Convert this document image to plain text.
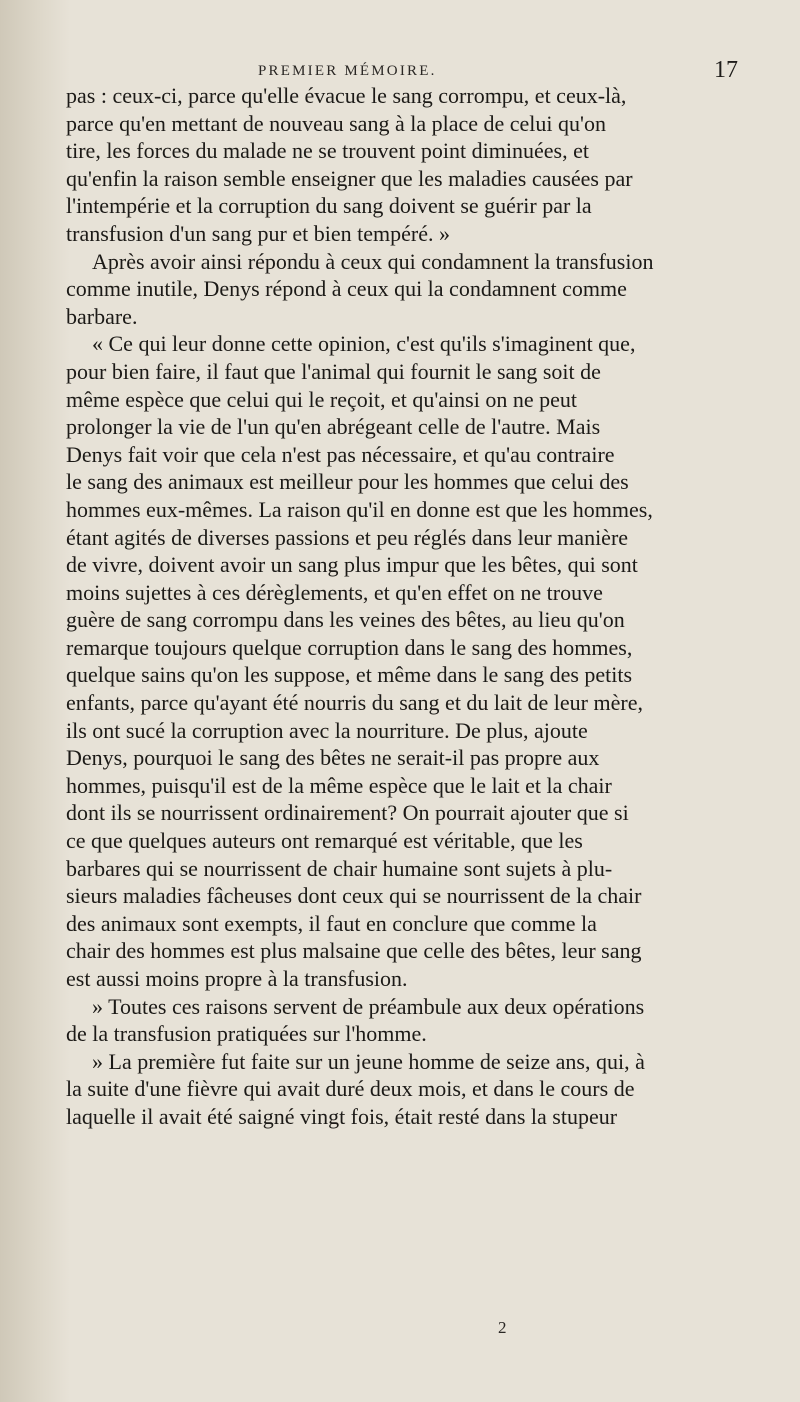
PREMIER MÉMOIRE.	17
pas : ceux-ci, parce qu'elle évacue le sang corrompu, et ceux-là,
parce qu'en mettant de nouveau sang à la place de celui qu'on
tire, les forces du malade ne se trouvent point diminuées, et
qu'enfin la raison semble enseigner que les maladies causées par
l'intempérie et la corruption du sang doivent se guérir par la
transfusion d'un sang pur et bien tempéré. »
Après avoir ainsi répondu à ceux qui condamnent la transfusion
comme inutile, Denys répond à ceux qui la condamnent comme
barbare.
« Ce qui leur donne cette opinion, c'est qu'ils s'imaginent que,
pour bien faire, il faut que l'animal qui fournit le sang soit de
même espèce que celui qui le reçoit, et qu'ainsi on ne peut
prolonger la vie de l'un qu'en abrégeant celle de l'autre. Mais
Denys fait voir que cela n'est pas nécessaire, et qu'au contraire
le sang des animaux est meilleur pour les hommes que celui des
hommes eux-mêmes. La raison qu'il en donne est que les hommes,
étant agités de diverses passions et peu réglés dans leur manière
de vivre, doivent avoir un sang plus impur que les bêtes, qui sont
moins sujettes à ces dérèglements, et qu'en effet on ne trouve
guère de sang corrompu dans les veines des bêtes, au lieu qu'on
remarque toujours quelque corruption dans le sang des hommes,
quelque sains qu'on les suppose, et même dans le sang des petits
enfants, parce qu'ayant été nourris du sang et du lait de leur mère,
ils ont sucé la corruption avec la nourriture. De plus, ajoute
Denys, pourquoi le sang des bêtes ne serait-il pas propre aux
hommes, puisqu'il est de la même espèce que le lait et la chair
dont ils se nourrissent ordinairement? On pourrait ajouter que si
ce que quelques auteurs ont remarqué est véritable, que les
barbares qui se nourrissent de chair humaine sont sujets à plu-
sieurs maladies fâcheuses dont ceux qui se nourrissent de la chair
des animaux sont exempts, il faut en conclure que comme la
chair des hommes est plus malsaine que celle des bêtes, leur sang
est aussi moins propre à la transfusion.
» Toutes ces raisons servent de préambule aux deux opérations
de la transfusion pratiquées sur l'homme.
» La première fut faite sur un jeune homme de seize ans, qui, à
la suite d'une fièvre qui avait duré deux mois, et dans le cours de
laquelle il avait été saigné vingt fois, était resté dans la stupeur
2
